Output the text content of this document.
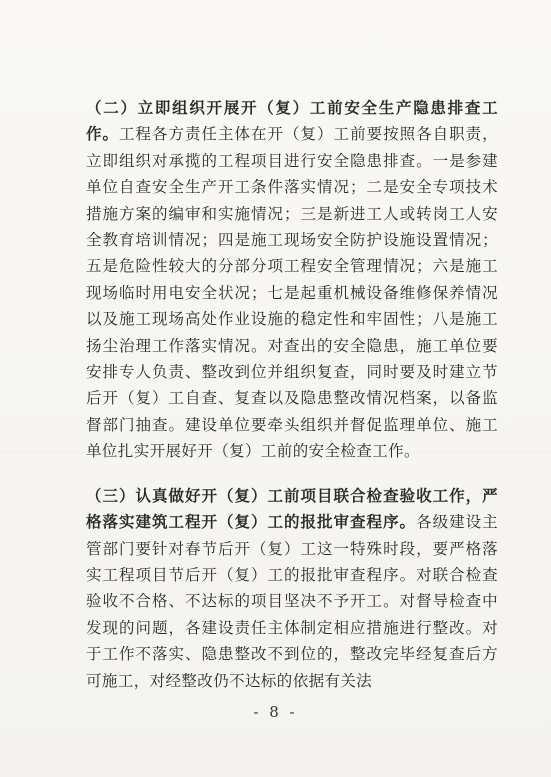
（二）立即组织开展开（复）工前安全生产隐患排查工作。工程各方责任主体在开（复）工前要按照各自职责，立即组织对承揽的工程项目进行安全隐患排查。一是参建单位自查安全生产开工条件落实情况；二是安全专项技术措施方案的编审和实施情况；三是新进工人或转岗工人安全教育培训情况；四是施工现场安全防护设施设置情况；五是危险性较大的分部分项工程安全管理情况；六是施工现场临时用电安全状况；七是起重机械设备维修保养情况以及施工现场高处作业设施的稳定性和牢固性；八是施工扬尘治理工作落实情况。对查出的安全隐患，施工单位要安排专人负责、整改到位并组织复查，同时要及时建立节后开（复）工自查、复查以及隐患整改情况档案，以备监督部门抽查。建设单位要牵头组织并督促监理单位、施工单位扎实开展好开（复）工前的安全检查工作。

（三）认真做好开（复）工前项目联合检查验收工作，严格落实建筑工程开（复）工的报批审查程序。各级建设主管部门要针对春节后开（复）工这一特殊时段，要严格落实工程项目节后开（复）工的报批审查程序。对联合检查验收不合格、不达标的项目坚决不予开工。对督导检查中发现的问题，各建设责任主体制定相应措施进行整改。对于工作不落实、隐患整改不到位的，整改完毕经复查后方可施工，对经整改仍不达标的依据有关法

- 8 -
